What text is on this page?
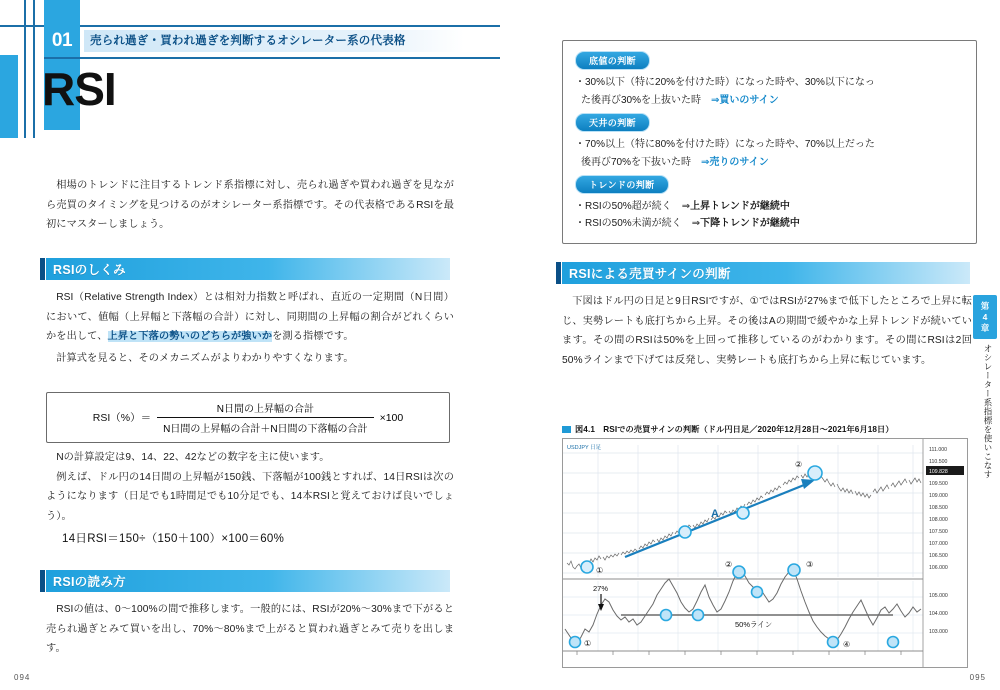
01	売られ過ぎ・買われ過ぎを判断するオシレーター系の代表格
RSI

相場のトレンドに注目するトレンド系指標に対し、売られ過ぎや買われ過ぎを見ながら売買のタイミングを見つけるのがオシレーター系指標です。その代表格であるRSIを最初にマスターしましょう。

RSIのしくみ

RSI（Relative Strength Index）とは相対力指数と呼ばれ、直近の一定期間（N日間）において、値幅（上昇幅と下落幅の合計）に対し、同期間の上昇幅の割合がどれくらいかを出して、上昇と下落の勢いのどちらが強いかを測る指標です。

計算式を見ると、そのメカニズムがよりわかりやすくなります。

$RSI(\%)= \frac{\text{N日間の上昇幅の合計}}{\text{N日間の上昇幅の合計＋N日間の下落幅の合計}} \times 100$

Nの計算設定は9、14、22、42などの数字を主に使います。

例えば、ドル円の14日間の上昇幅が150銭、下落幅が100銭とすれば、14日RSIは次のようになります（日足でも1時間足でも10分足でも、14本RSIと覚えておけば良いでしょう）。

14日RSI＝150÷（150＋100）×100＝60%
RSIの読み方

RSIの値は、0〜100%の間で推移します。一般的には、RSIが20%〜30%まで下がると売られ過ぎとみて買いを出し、70%〜80%まで上がると買われ過ぎとみて売りを出します。

094
底値の判断
・30%以下（特に20%を付けた時）になった時や、30%以下になっ
た後再び30%を上抜いた時　⇒買いのサイン
天井の判断
・70%以上（特に80%を付けた時）になった時や、70%以上だった
後再び70%を下抜いた時　⇒売りのサイン
トレンドの判断
・RSIの50%超が続く　⇒上昇トレンドが継続中
・RSIの50%未満が続く　⇒下降トレンドが継続中
RSIによる売買サインの判断

下図はドル円の日足と9日RSIですが、①ではRSIが27%まで低下したところで上昇に転じ、実勢レートも底打ちから上昇。その後はAの期間で緩やかな上昇トレンドが続いています。その間のRSIは50%を上回って推移しているのがわかります。その間にRSIは2回50%ラインまで下げては反発し、実勢レートも底打ちから上昇に転じています。

図4.1　RSIでの売買サインの判断（ドル円日足／2020年12月28日〜2021年6月18日）
A
①
②
50%ライン
27%
①
②	③
④
111.000
110.500
109.828
109.500
109.000
108.500
108.000
107.500
107.000
106.500
106.000
105.000
104.000
103.000
USDJPY 日足
第
4
章
オシレーター系指標を使いこなす
095
